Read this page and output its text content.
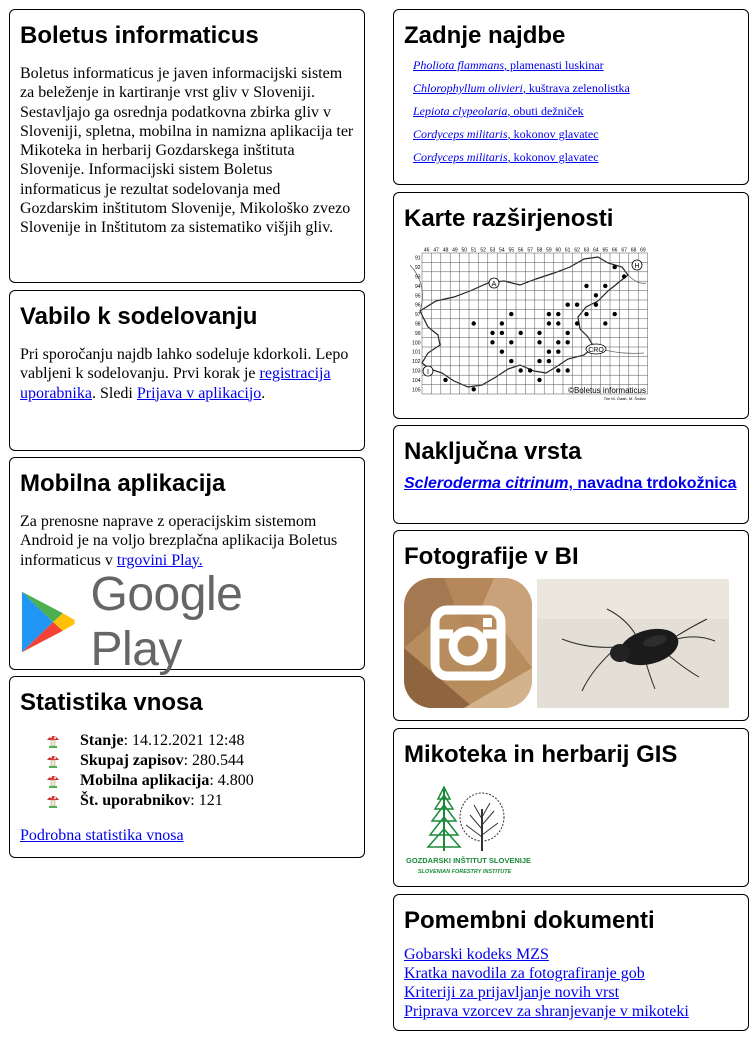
Boletus informaticus

Boletus informaticus je javen informacijski sistem za beleženje in kartiranje vrst gliv v Sloveniji. Sestavljajo ga osrednja podatkovna zbirka gliv v Sloveniji, spletna, mobilna in namizna aplikacija ter Mikoteka in herbarij Gozdarskega inštituta Slovenije. Informacijski sistem Boletus informaticus je rezultat sodelovanja med Gozdarskim inštitutom Slovenije, Mikološko zvezo Slovenije in Inštitutom za sistematiko višjih gliv.

Vabilo k sodelovanju

Pri sporočanju najdb lahko sodeluje kdorkoli. Lepo vabljeni k sodelovanju. Prvi korak je registracija uporabnika. Sledi Prijava v aplikacijo.

Mobilna aplikacija

Za prenosne naprave z operacijskim sistemom Android je na voljo brezplačna aplikacija Boletus informaticus v trgovini Play.

Google Play
Statistika vnosa
Stanje : 14.12.2021 12:48
Skupaj zapisov : 280.544
Mobilna aplikacija : 4.800
Št. uporabnikov : 121
Podrobna statistika vnosa
Zadnje najdbe
Pholiota flammans, plamenasti luskinar
Chlorophyllum olivieri, kuštrava zelenolistka
Lepiota clypeolaria, obuti dežniček
Cordyceps militaris, kokonov glavatec
Cordyceps militaris, kokonov glavatec
Karte razširjenosti
46 47 48 49 50 51 52 53 54 55 56 57 58 59 60 61 62 63 64 65 66 67 68 69
91
92
93
94
95
96
97
98
99
100
101
102
103
104
105
A
H
CRO
I
©Boletus informaticus
Tim M. Gaab, M. Šuštar
Naključna vrsta
Scleroderma citrinum, navadna trdokožnica
Fotografije v BI
Mikoteka in herbarij GIS
GOZDARSKI INŠTITUT SLOVENIJE
SLOVENIAN FORESTRY INSTITUTE
Pomembni dokumenti
Gobarski kodeks MZS
Kratka navodila za fotografiranje gob
Kriteriji za prijavljanje novih vrst
Priprava vzorcev za shranjevanje v mikoteki
